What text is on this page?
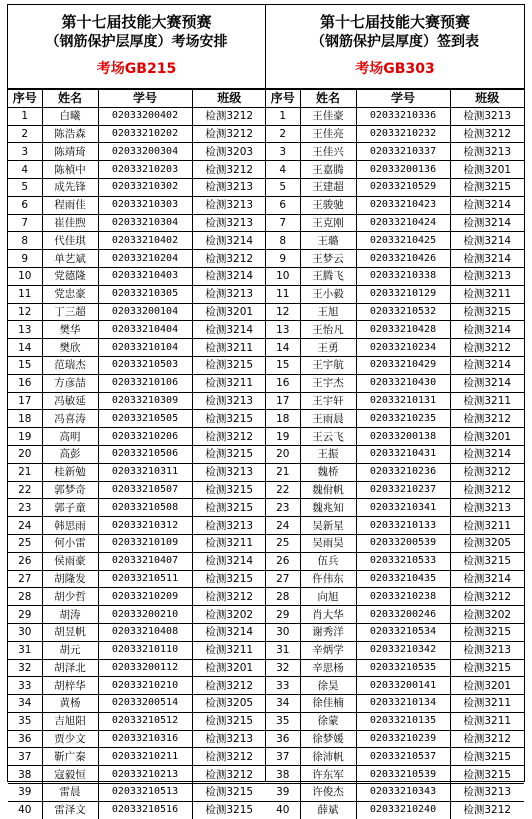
第十七届技能大赛预赛
（钢筋保护层厚度）考场安排
考场GB215
序号	姓名	学号	班级
1	白曦	02033200402	检测3212
2	陈浩森	02033210202	检测3212
3	陈靖琦	02033200304	检测3203
4	陈楨中	02033210203	检测3212
5	成先锋	02033210302	检测3213
6	程雨佳	02033210303	检测3213
7	崔佳煦	02033210304	检测3213
8	代佳琪	02033210402	检测3214
9	单艺斌	02033210204	检测3212
10	党德隆	02033210403	检测3214
11	党忠豪	02033210305	检测3213
12	丁三超	02033200104	检测3201
13	樊华	02033210404	检测3214
14	樊欣	02033210104	检测3211
15	范瑞杰	02033210503	检测3215
16	方彦喆	02033210106	检测3211
17	冯敏延	02033210309	检测3213
18	冯喜涛	02033210505	检测3215
19	高明	02033210206	检测3212
20	高彭	02033210506	检测3215
21	桂新勉	02033210311	检测3213
22	郭梦奇	02033210507	检测3215
23	郭子童	02033210508	检测3215
24	韩思雨	02033210312	检测3213
25	何小雷	02033210109	检测3211
26	侯雨豪	02033210407	检测3214
27	胡隆发	02033210511	检测3215
28	胡少哲	02033210209	检测3212
29	胡涛	02033200210	检测3202
30	胡昱帆	02033210408	检测3214
31	胡元	02033210110	检测3211
32	胡泽北	02033200112	检测3201
33	胡梓华	02033210210	检测3212
34	黄杨	02033200514	检测3205
35	吉旭阳	02033210512	检测3215
36	贾少文	02033210316	检测3213
37	靳广秦	02033210211	检测3212
38	寇毅恒	02033210213	检测3212
39	雷晨	02033210513	检测3215
40	雷泽文	02033210516	检测3215
第十七届技能大赛预赛
（钢筋保护层厚度）签到表
考场GB303
序号	姓名	学号	班级
1	王佳豪	02033210336	检测3213
2	王佳亮	02033210232	检测3212
3	王佳兴	02033210337	检测3213
4	王嘉腾	02033200136	检测3201
5	王建超	02033210529	检测3215
6	王骏驰	02033210423	检测3214
7	王克刚	02033210424	检测3214
8	王璐	02033210425	检测3214
9	王梦云	02033210426	检测3214
10	王腾飞	02033210338	检测3213
11	王小毅	02033210129	检测3211
12	王旭	02033210532	检测3215
13	王怡凡	02033210428	检测3214
14	王勇	02033210234	检测3212
15	王宇航	02033210429	检测3214
16	王宇杰	02033210430	检测3214
17	王宇轩	02033210131	检测3211
18	王雨晨	02033210235	检测3212
19	王云飞	02033200138	检测3201
20	王振	02033210431	检测3214
21	魏桥	02033210236	检测3212
22	魏佾帆	02033210237	检测3212
23	魏兆知	02033210341	检测3213
24	吴新星	02033210133	检测3211
25	吴雨昊	02033200539	检测3205
26	伍兵	02033210533	检测3215
27	仵伟东	02033210435	检测3214
28	向旭	02033210238	检测3212
29	肖大华	02033200246	检测3202
30	谢秀洋	02033210534	检测3215
31	辛炳学	02033210342	检测3213
32	辛思杨	02033210535	检测3215
33	徐昊	02033200141	检测3201
34	徐佳楠	02033210134	检测3211
35	徐蒙	02033210135	检测3211
36	徐梦媛	02033210239	检测3212
37	徐沛帆	02033210537	检测3215
38	许东军	02033210539	检测3215
39	许俊杰	02033210343	检测3213
40	薛斌	02033210240	检测3212
